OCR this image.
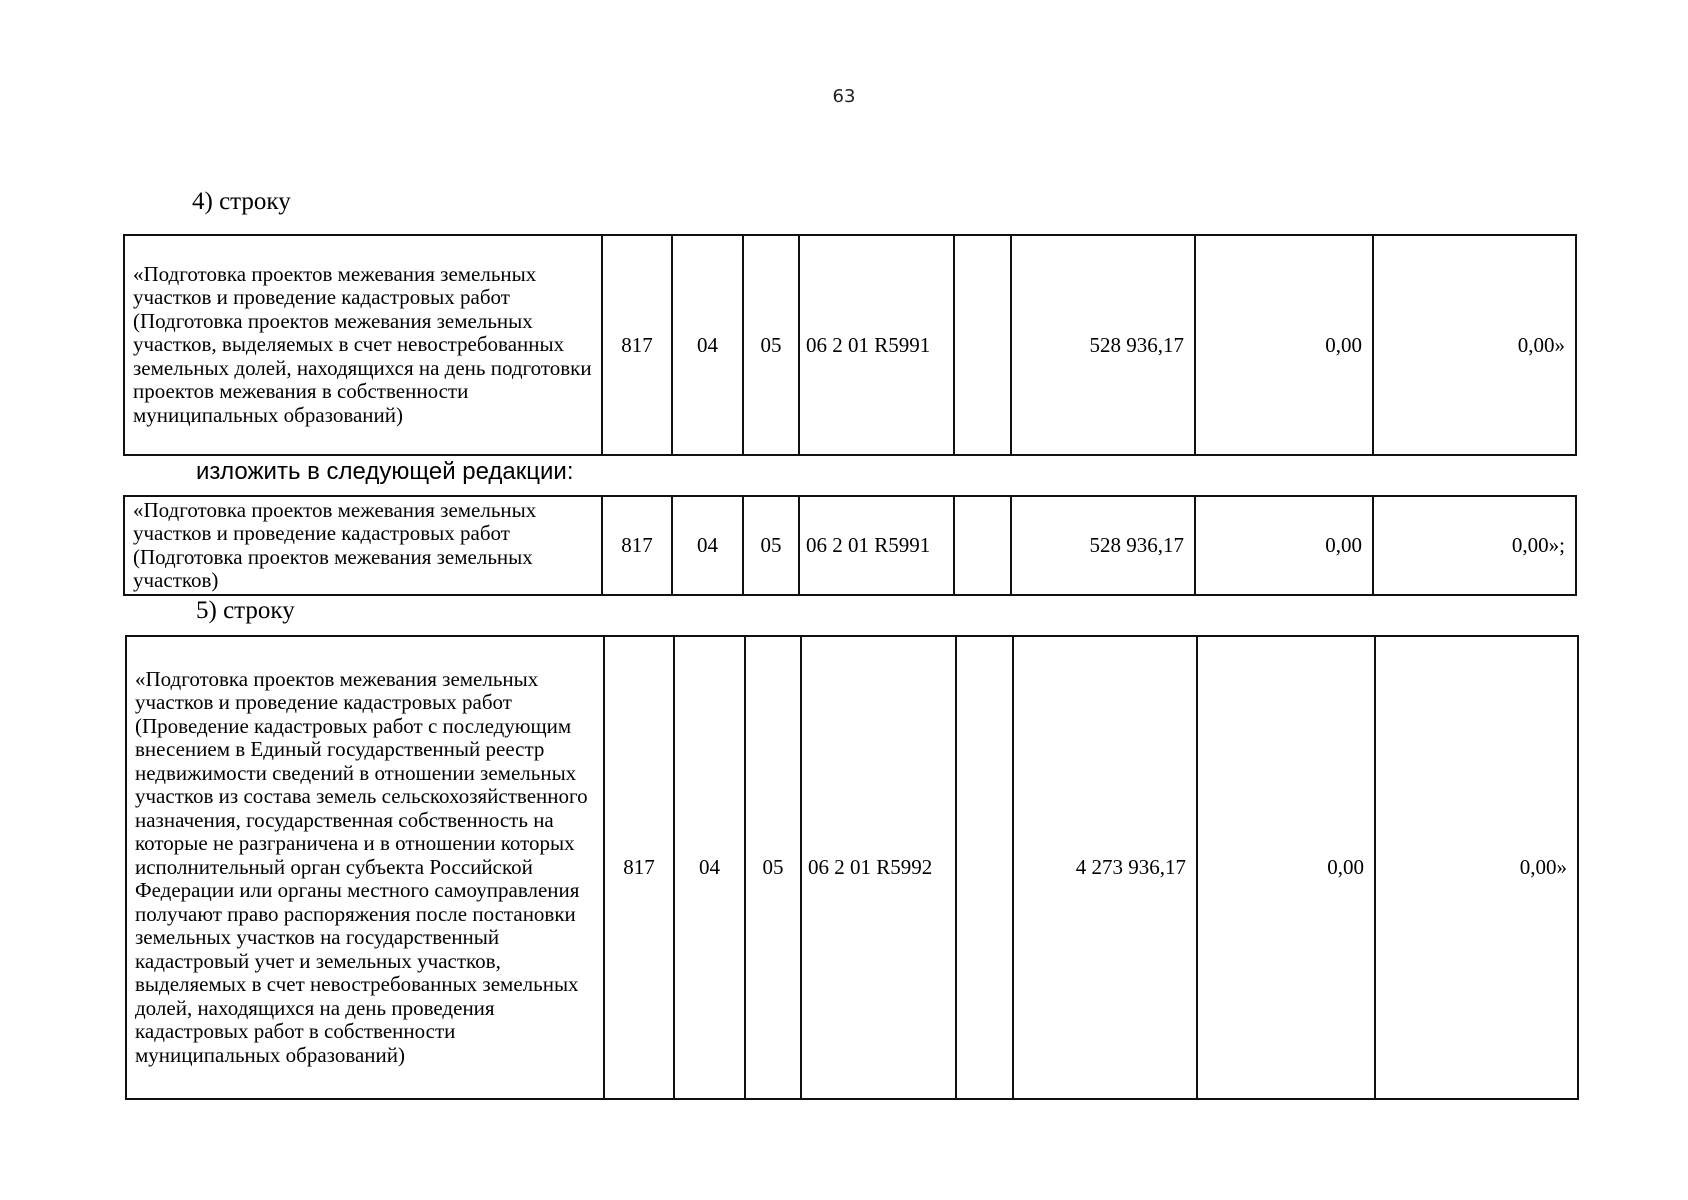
63
4) строку
«Подготовка проектов межевания земельных участков и проведение кадастровых работ (Подготовка проектов межевания земельных участков, выделяемых в счет невостребованных земельных долей, находящихся на день подготовки проектов межевания в собственности муниципальных образований)	817	04	05	06 2 01 R5991		528 936,17	0,00	0,00»
изложить в следующей редакции:
«Подготовка проектов межевания земельных участков и проведение кадастровых работ (Подготовка проектов межевания земельных участков)	817	04	05	06 2 01 R5991		528 936,17	0,00	0,00»;
5) строку
«Подготовка проектов межевания земельных участков и проведение кадастровых работ (Проведение кадастровых работ с последующим внесением в Единый государственный реестр недвижимости сведений в отношении земельных участков из состава земель сельскохозяйственного назначения, государственная собственность на которые не разграничена и в отношении которых исполнительный орган субъекта Российской Федерации или органы местного самоуправления получают право распоряжения после постановки земельных участков на государственный кадастровый учет и земельных участков, выделяемых в счет невостребованных земельных долей, находящихся на день проведения кадастровых работ в собственности муниципальных образований)	817	04	05	06 2 01 R5992		4 273 936,17	0,00	0,00»
